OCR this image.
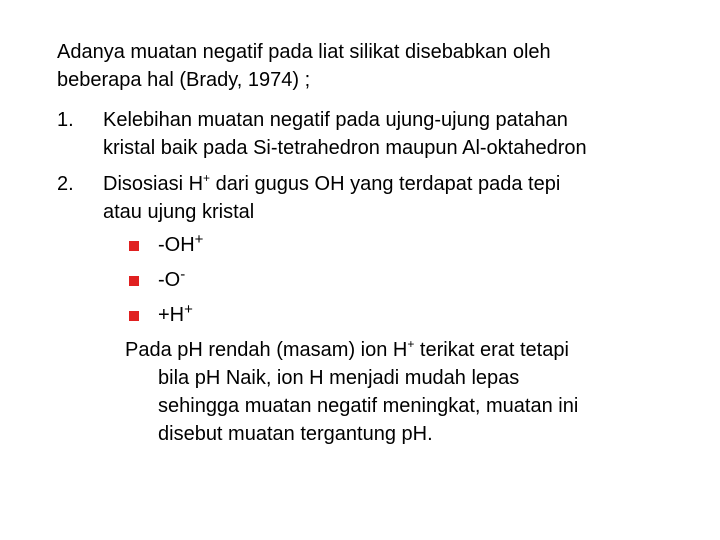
Adanya muatan negatif pada liat silikat disebabkan oleh
beberapa hal (Brady, 1974) ;
1. Kelebihan muatan negatif pada ujung-ujung patahan
kristal baik pada Si-tetrahedron maupun Al-oktahedron
2. Disosiasi H+ dari gugus OH yang terdapat pada tepi
atau ujung kristal
-OH+
-O-
+H+
Pada pH rendah (masam) ion H+ terikat erat tetapi
bila pH Naik, ion H menjadi mudah lepas
sehingga muatan negatif meningkat, muatan ini
disebut muatan tergantung pH.
